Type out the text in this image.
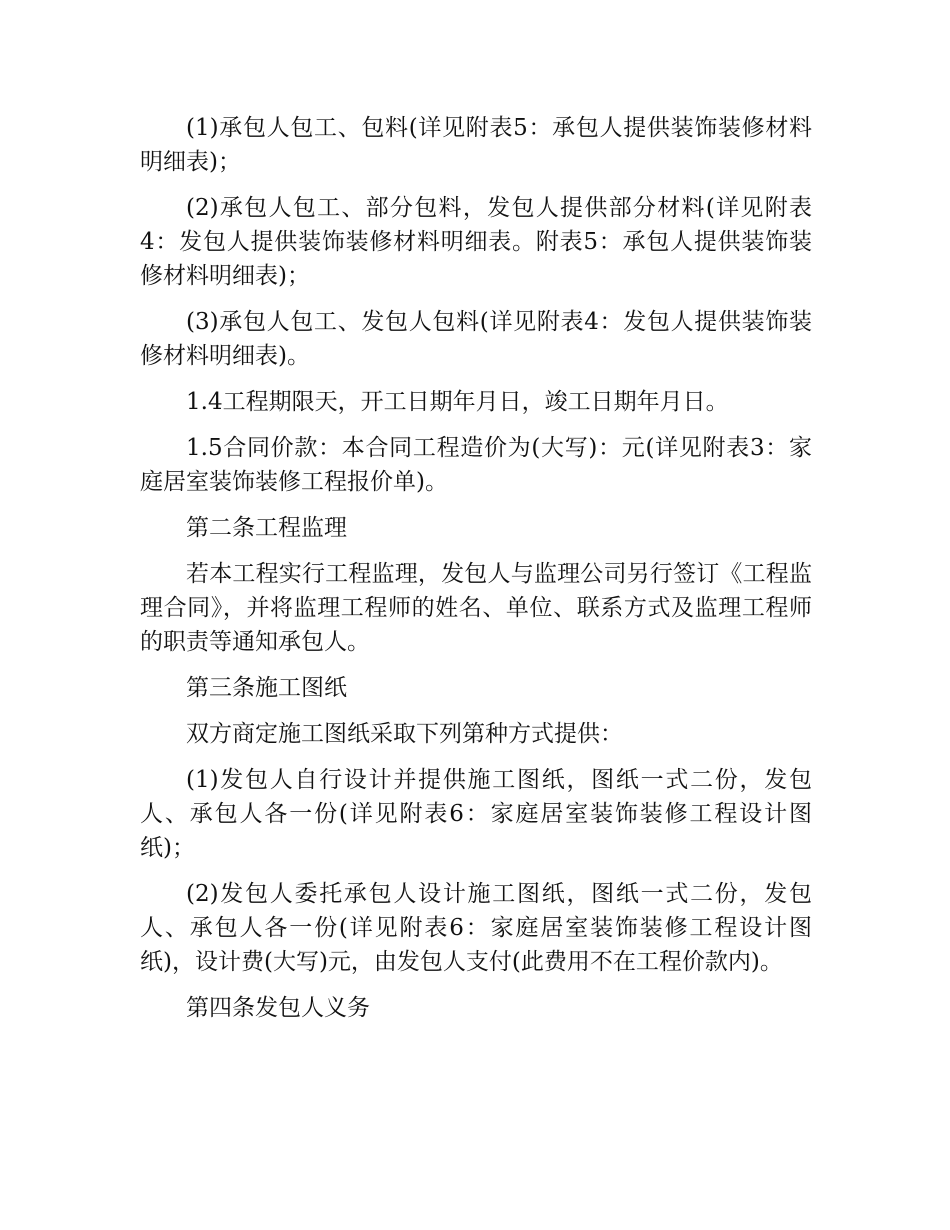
(1)承包人包工、包料(详见附表5：承包人提供装饰装修材料明细表)；

(2)承包人包工、部分包料，发包人提供部分材料(详见附表4：发包人提供装饰装修材料明细表。附表5：承包人提供装饰装修材料明细表)；

(3)承包人包工、发包人包料(详见附表4：发包人提供装饰装修材料明细表)。

1.4工程期限天，开工日期年月日，竣工日期年月日。

1.5合同价款：本合同工程造价为(大写)：元(详见附表3：家庭居室装饰装修工程报价单)。

第二条工程监理

若本工程实行工程监理，发包人与监理公司另行签订《工程监理合同》，并将监理工程师的姓名、单位、联系方式及监理工程师的职责等通知承包人。

第三条施工图纸

双方商定施工图纸采取下列第种方式提供：

(1)发包人自行设计并提供施工图纸，图纸一式二份，发包人、承包人各一份(详见附表6：家庭居室装饰装修工程设计图纸)；

(2)发包人委托承包人设计施工图纸，图纸一式二份，发包人、承包人各一份(详见附表6：家庭居室装饰装修工程设计图纸)，设计费(大写)元，由发包人支付(此费用不在工程价款内)。

第四条发包人义务
